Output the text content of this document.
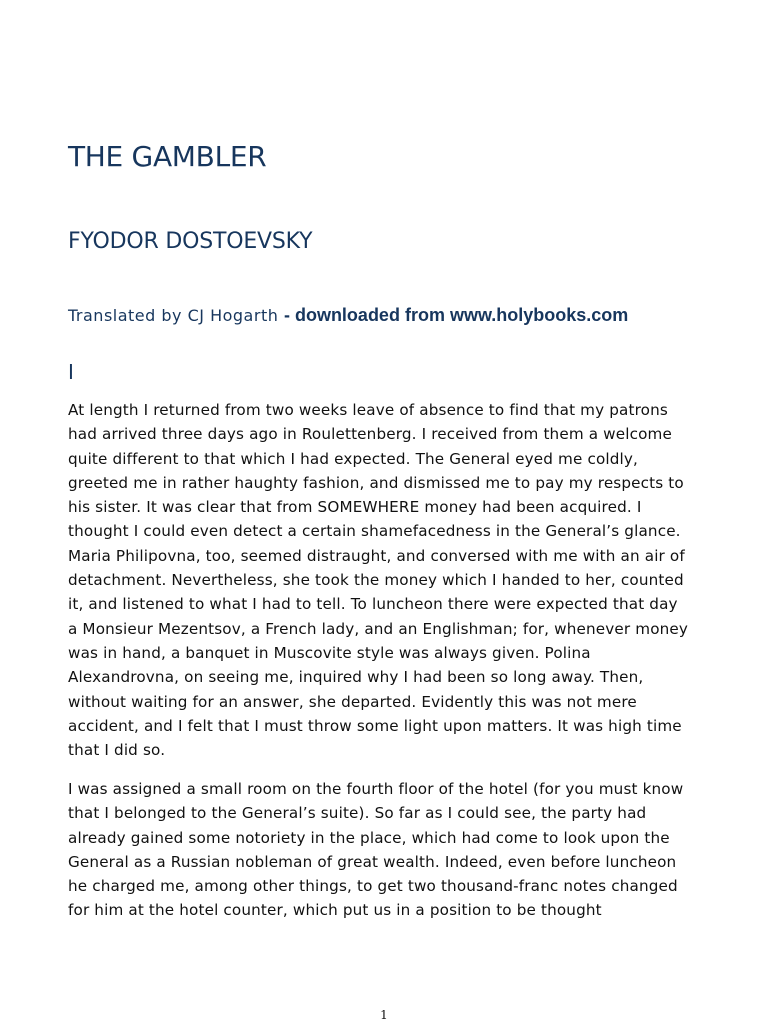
THE GAMBLER
FYODOR DOSTOEVSKY
Translated by CJ Hogarth - downloaded from www.holybooks.com
I

At length I returned from two weeks leave of absence to find that my patrons
had arrived three days ago in Roulettenberg. I received from them a welcome
quite different to that which I had expected. The General eyed me coldly,
greeted me in rather haughty fashion, and dismissed me to pay my respects to
his sister. It was clear that from SOMEWHERE money had been acquired. I
thought I could even detect a certain shamefacedness in the General’s glance.
Maria Philipovna, too, seemed distraught, and conversed with me with an air of
detachment. Nevertheless, she took the money which I handed to her, counted
it, and listened to what I had to tell. To luncheon there were expected that day
a Monsieur Mezentsov, a French lady, and an Englishman; for, whenever money
was in hand, a banquet in Muscovite style was always given. Polina
Alexandrovna, on seeing me, inquired why I had been so long away. Then,
without waiting for an answer, she departed. Evidently this was not mere
accident, and I felt that I must throw some light upon matters. It was high time
that I did so.

I was assigned a small room on the fourth floor of the hotel (for you must know
that I belonged to the General’s suite). So far as I could see, the party had
already gained some notoriety in the place, which had come to look upon the
General as a Russian nobleman of great wealth. Indeed, even before luncheon
he charged me, among other things, to get two thousand-franc notes changed
for him at the hotel counter, which put us in a position to be thought

1
